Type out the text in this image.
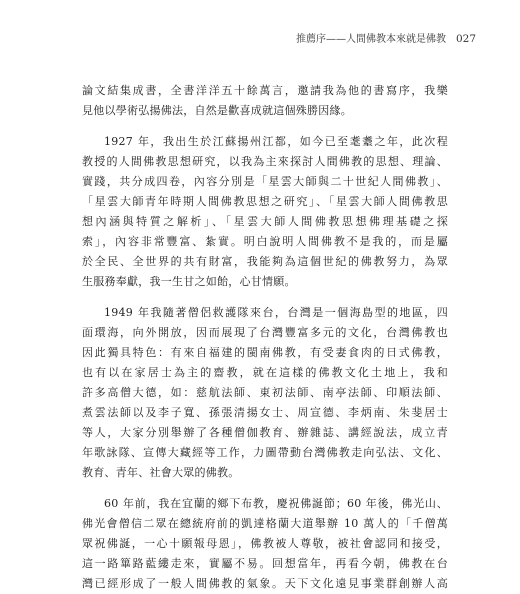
推薦序——人間佛教本來就是佛教 027
論文結集成書，全書洋洋五十餘萬言，邀請我為他的書寫序，我樂
見他以學術弘揚佛法，自然是歡喜成就這個殊勝因緣。
1927 年，我出生於江蘇揚州江都，如今已至耄耋之年，此次程
教授的人間佛教思想研究，以我為主來探討人間佛教的思想、理論、
實踐，共分成四卷，內容分別是「星雲大師與二十世紀人間佛教」、
「星雲大師青年時期人間佛教思想之研究」、「星雲大師人間佛教思
想內涵與特質之解析」、「星雲大師人間佛教思想佛理基礎之探
索」，內容非常豐富、紮實。明白說明人間佛教不是我的，而是屬
於全民、全世界的共有財富，我能夠為這個世紀的佛教努力，為眾
生服務奉獻，我一生甘之如飴，心甘情願。
1949 年我隨著僧侶救護隊來台，台灣是一個海島型的地區，四
面環海，向外開放，因而展現了台灣豐富多元的文化，台灣佛教也
因此獨具特色：有來自福建的閩南佛教，有受妻食肉的日式佛教，
也有以在家居士為主的齋教，就在這樣的佛教文化土地上，我和
許多高僧大德，如：慈航法師、東初法師、南亭法師、印順法師、
煮雲法師以及李子寬、孫張清揚女士、周宣德、李炳南、朱斐居士
等人，大家分別舉辦了各種僧伽教育、辦雜誌、講經說法，成立青
年歌詠隊、宣傳大藏經等工作，力圖帶動台灣佛教走向弘法、文化、
教育、青年、社會大眾的佛教。
60 年前，我在宜蘭的鄉下布教，慶祝佛誕節；60 年後，佛光山、
佛光會僧信二眾在總統府前的凱達格蘭大道舉辦 10 萬人的「千僧萬
眾祝佛誕，一心十願報母恩」，佛教被人尊敬，被社會認同和接受，
這一路篳路藍縷走來，實屬不易。回想當年，再看今朝，佛教在台
灣已經形成了一般人間佛教的氣象。天下文化遠見事業群創辦人高
